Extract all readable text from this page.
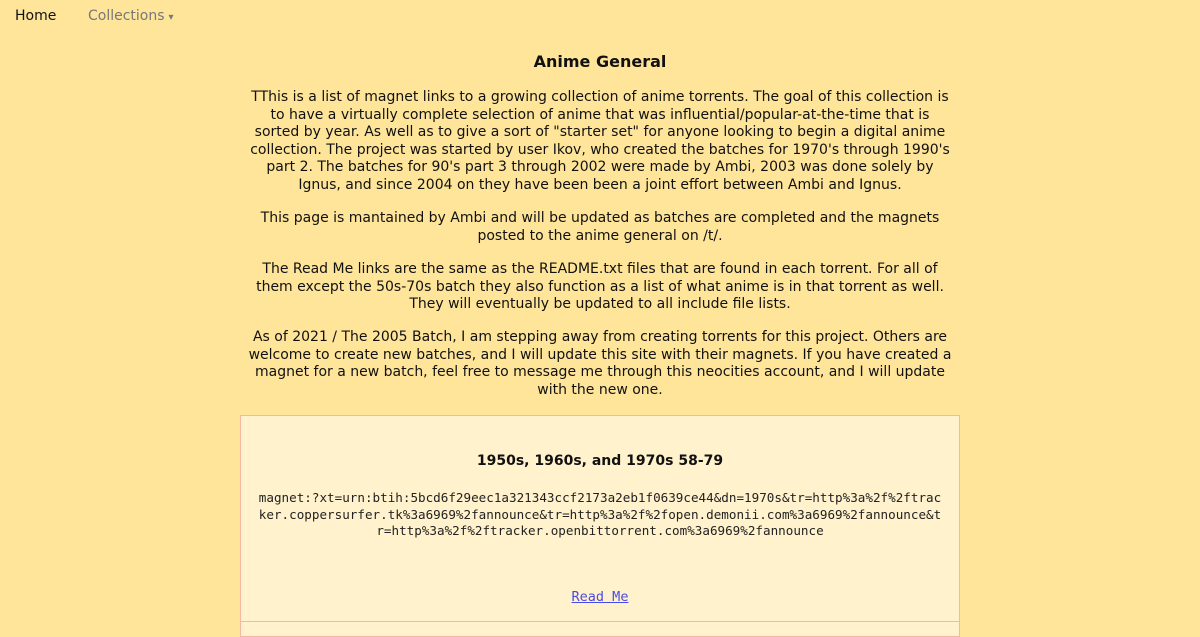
Home Collections ▾
Anime General

TThis is a list of magnet links to a growing collection of anime torrents. The goal of this collection is to have a virtually complete selection of anime that was influential/popular-at-the-time that is sorted by year. As well as to give a sort of "starter set" for anyone looking to begin a digital anime collection. The project was started by user Ikov, who created the batches for 1970's through 1990's part 2. The batches for 90's part 3 through 2002 were made by Ambi, 2003 was done solely by Ignus, and since 2004 on they have been been a joint effort between Ambi and Ignus.

This page is mantained by Ambi and will be updated as batches are completed and the magnets posted to the anime general on /t/.

The Read Me links are the same as the README.txt files that are found in each torrent. For all of them except the 50s-70s batch they also function as a list of what anime is in that torrent as well. They will eventually be updated to all include file lists.

As of 2021 / The 2005 Batch, I am stepping away from creating torrents for this project. Others are welcome to create new batches, and I will update this site with their magnets. If you have created a magnet for a new batch, feel free to message me through this neocities account, and I will update with the new one.

1950s, 1960s, and 1970s 58-79
magnet:?xt=urn:btih:5bcd6f29eec1a321343ccf2173a2eb1f0639ce44&dn=1970s&tr=http%3a%2f%2ftracker.coppersurfer.tk%3a6969%2fannounce&tr=http%3a%2f%2fopen.demonii.com%3a6969%2fannounce&tr=http%3a%2f%2ftracker.openbittorrent.com%3a6969%2fannounce
Read Me
